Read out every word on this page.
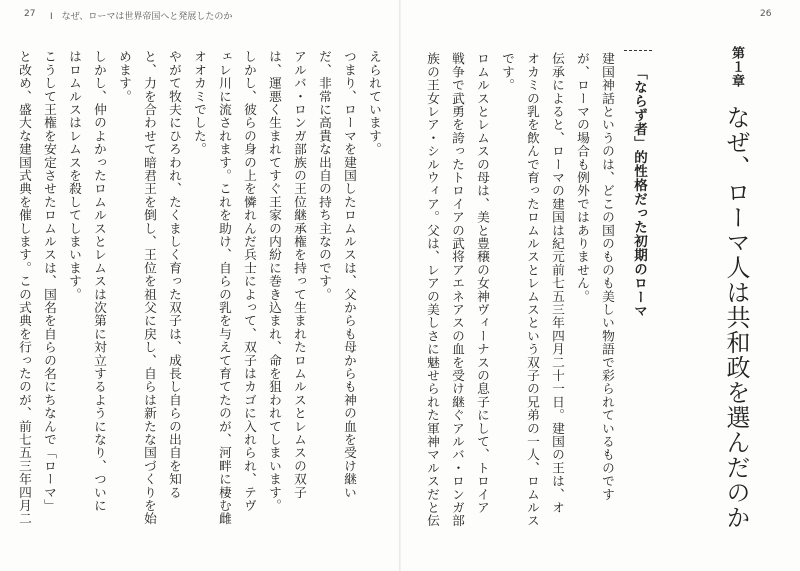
27 Ⅰ　なぜ、ローマは世界帝国へと発展したのか	26
第１章 なぜ、ローマ人は共和政を選んだのか
「ならず者」的性格だった初期のローマ
建国神話というのは、どこの国のものも美しい物語で彩られているものです
が、ローマの場合も例外ではありません。
伝承によると、ローマの建国は紀元前七五三年四月二十一日。建国の王は、オ
オカミの乳を飲んで育ったロムルスとレムスという双子の兄弟の一人、ロムルス
です。
ロムルスとレムスの母は、美と豊穣の女神ヴィーナスの息子にして、トロイア
戦争で武勇を誇ったトロイアの武将アエネアスの血を受け継ぐアルバ・ロンガ部
族の王女レア・シルウィア。父は、レアの美しさに魅せられた軍神マルスだと伝
えられています。
つまり、ローマを建国したロムルスは、父からも母からも神の血を受け継い
だ、非常に高貴な出自の持ち主なのです。
アルバ・ロンガ部族の王位継承権を持って生まれたロムルスとレムスの双子
は、運悪く生まれてすぐ王家の内紛に巻き込まれ、命を狙われてしまいます。
しかし、彼らの身の上を憐れんだ兵士によって、双子はカゴに入れられ、テヴ
ェレ川に流されます。これを助け、自らの乳を与えて育てたのが、河畔に棲む雌
オオカミでした。
やがて牧夫にひろわれ、たくましく育った双子は、成長し自らの出自を知る
と、力を合わせて暗君王を倒し、王位を祖父に戻し、自らは新たな国づくりを始
めます。
しかし、仲のよかったロムルスとレムスは次第に対立するようになり、ついに
はロムルスはレムスを殺してしまいます。
こうして王権を安定させたロムルスは、国名を自らの名にちなんで「ローマ」
と改め、盛大な建国式典を催します。この式典を行ったのが、前七五三年四月二
